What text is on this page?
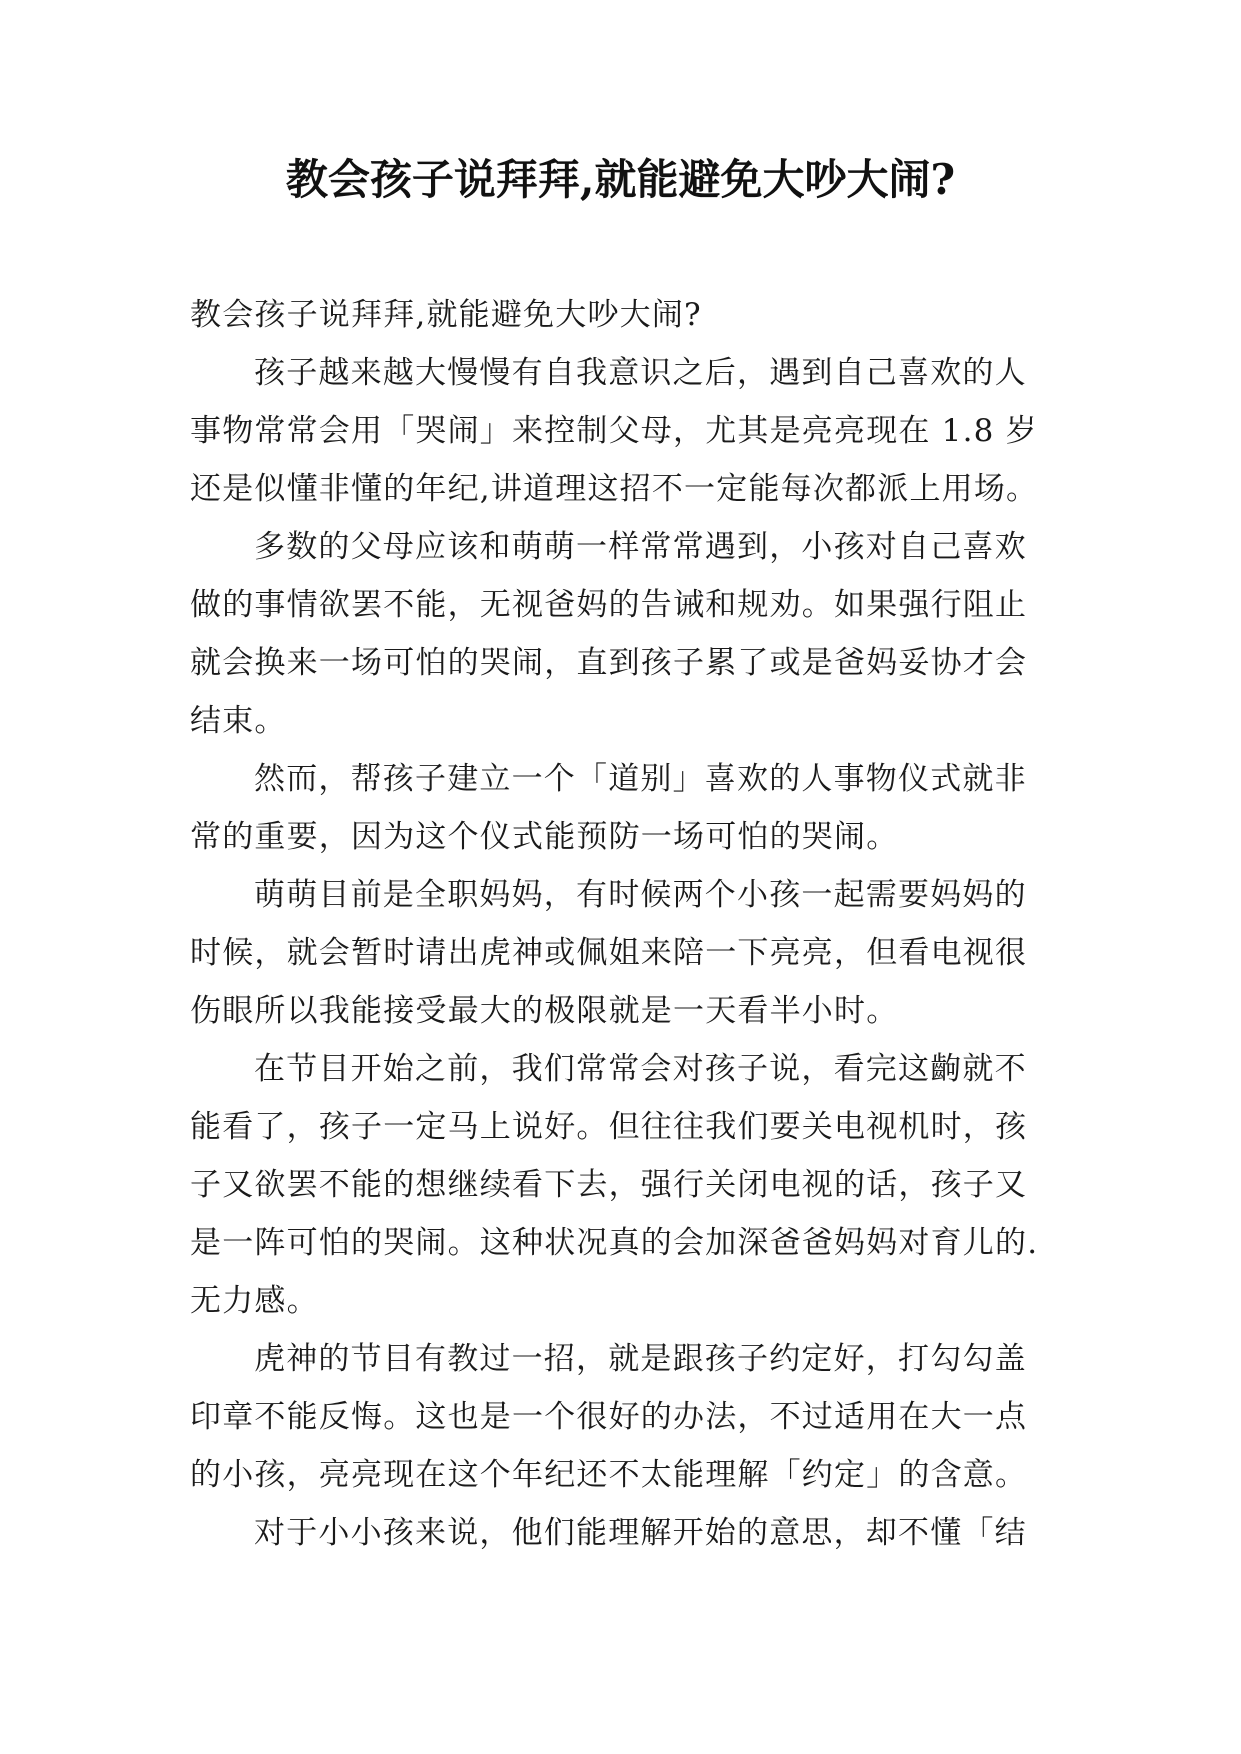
教会孩子说拜拜,就能避免大吵大闹?

教会孩子说拜拜,就能避免大吵大闹?

孩子越来越大慢慢有自我意识之后，遇到自己喜欢的人
事物常常会用「哭闹」来控制父母，尤其是亮亮现在 1.8 岁
还是似懂非懂的年纪,讲道理这招不一定能每次都派上用场。

多数的父母应该和萌萌一样常常遇到，小孩对自己喜欢
做的事情欲罢不能，无视爸妈的告诫和规劝。如果强行阻止
就会换来一场可怕的哭闹，直到孩子累了或是爸妈妥协才会
结束。

然而，帮孩子建立一个「道别」喜欢的人事物仪式就非
常的重要，因为这个仪式能预防一场可怕的哭闹。

萌萌目前是全职妈妈，有时候两个小孩一起需要妈妈的
时候，就会暂时请出虎神或佩姐来陪一下亮亮，但看电视很
伤眼所以我能接受最大的极限就是一天看半小时。

在节目开始之前，我们常常会对孩子说，看完这齣就不
能看了，孩子一定马上说好。但往往我们要关电视机时，孩
子又欲罢不能的想继续看下去，强行关闭电视的话，孩子又
是一阵可怕的哭闹。这种状况真的会加深爸爸妈妈对育儿的.
无力感。

虎神的节目有教过一招，就是跟孩子约定好，打勾勾盖
印章不能反悔。这也是一个很好的办法，不过适用在大一点
的小孩，亮亮现在这个年纪还不太能理解「约定」的含意。

对于小小孩来说，他们能理解开始的意思，却不懂「结
